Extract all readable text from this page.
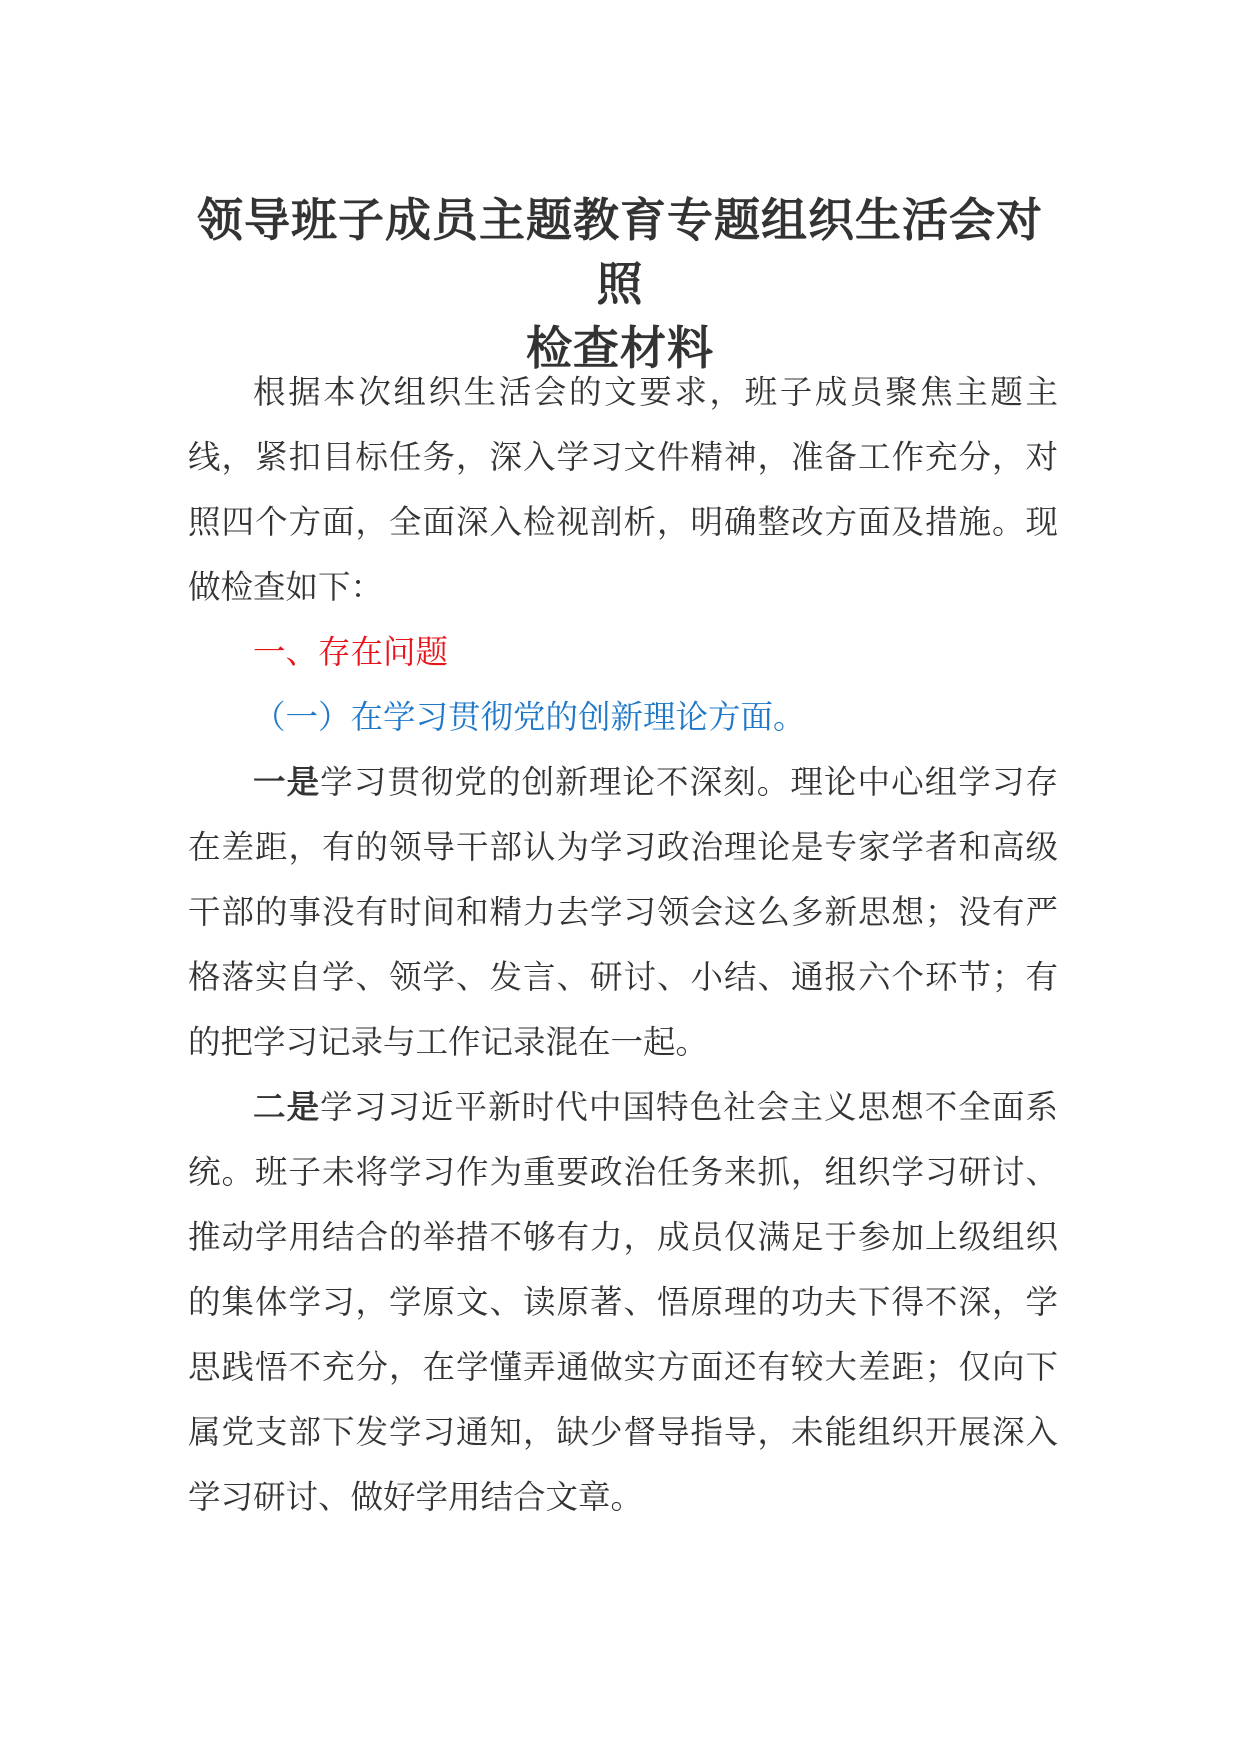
领导班子成员主题教育专题组织生活会对照
检查材料

根据本次组织生活会的文要求，班子成员聚焦主题主线，紧扣目标任务，深入学习文件精神，准备工作充分，对照四个方面，全面深入检视剖析，明确整改方面及措施。现做检查如下：

一、存在问题

（一）在学习贯彻党的创新理论方面。

一是学习贯彻党的创新理论不深刻。理论中心组学习存在差距，有的领导干部认为学习政治理论是专家学者和高级干部的事没有时间和精力去学习领会这么多新思想；没有严格落实自学、领学、发言、研讨、小结、通报六个环节；有的把学习记录与工作记录混在一起。

二是学习习近平新时代中国特色社会主义思想不全面系统。班子未将学习作为重要政治任务来抓，组织学习研讨、推动学用结合的举措不够有力，成员仅满足于参加上级组织的集体学习，学原文、读原著、悟原理的功夫下得不深，学思践悟不充分，在学懂弄通做实方面还有较大差距；仅向下属党支部下发学习通知，缺少督导指导，未能组织开展深入学习研讨、做好学用结合文章。
